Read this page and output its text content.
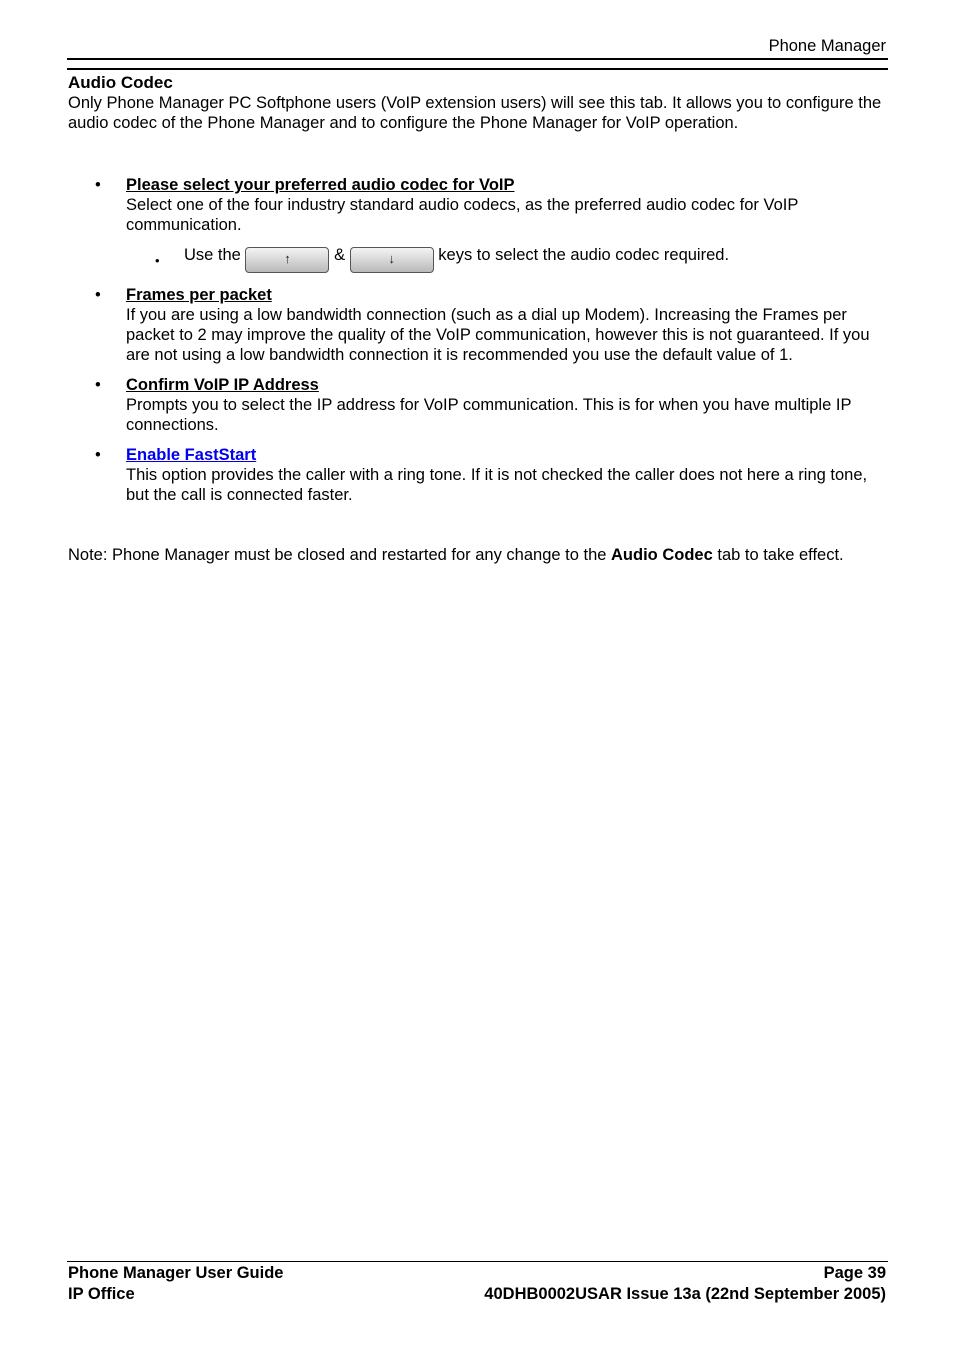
Phone Manager
Audio Codec

Only Phone Manager PC Softphone users (VoIP extension users) will see this tab. It allows you to configure the audio codec of the Phone Manager and to configure the Phone Manager for VoIP operation.

• Please select your preferred audio codec for VoIP
Select one of the four industry standard audio codecs, as the preferred audio codec for VoIP communication.
• Use the	↑	&	↓	keys to select the audio codec required.
• Frames per packet
If you are using a low bandwidth connection (such as a dial up Modem). Increasing the Frames per packet to 2 may improve the quality of the VoIP communication, however this is not guaranteed. If you are not using a low bandwidth connection it is recommended you use the default value of 1.
• Confirm VoIP IP Address
Prompts you to select the IP address for VoIP communication. This is for when you have multiple IP connections.
• Enable FastStart
This option provides the caller with a ring tone. If it is not checked the caller does not here a ring tone, but the call is connected faster.

Note: Phone Manager must be closed and restarted for any change to the Audio Codec tab to take effect.

Phone Manager User Guide	Page 39
IP Office	40DHB0002USAR Issue 13a (22nd September 2005)
